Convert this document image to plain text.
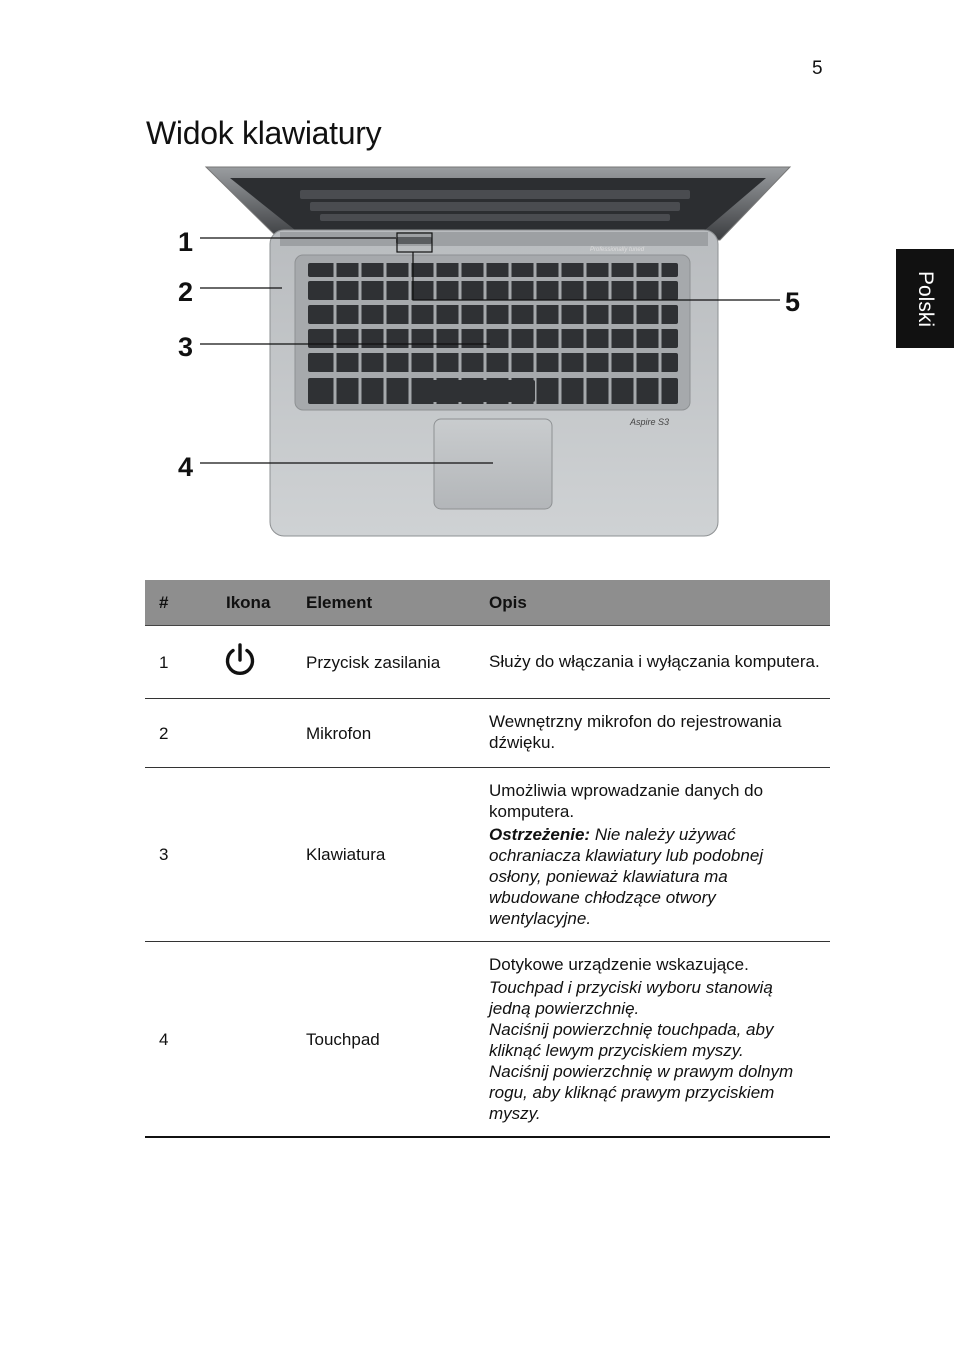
5
Widok klawiatury
Polski
Aspire S3
Professionally tuned
1
2
3
4
5
#	Ikona	Element	Opis
1		Przycisk zasilania	Służy do włączania i wyłączania komputera.

2		Mikrofon	Wewnętrzny mikrofon do rejestrowania dźwięku.

3		Klawiatura	Umożliwia wprowadzanie danych do komputera.

Ostrzeżenie: Nie należy używać ochraniacza klawiatury lub podobnej osłony, ponieważ klawiatura ma wbudowane chłodzące otwory wentylacyjne.

4		Touchpad	Dotykowe urządzenie wskazujące.

Touchpad i przyciski wyboru stanowią jedną powierzchnię.

Naciśnij powierzchnię touchpada, aby kliknąć lewym przyciskiem myszy.

Naciśnij powierzchnię w prawym dolnym rogu, aby kliknąć prawym przyciskiem myszy.
